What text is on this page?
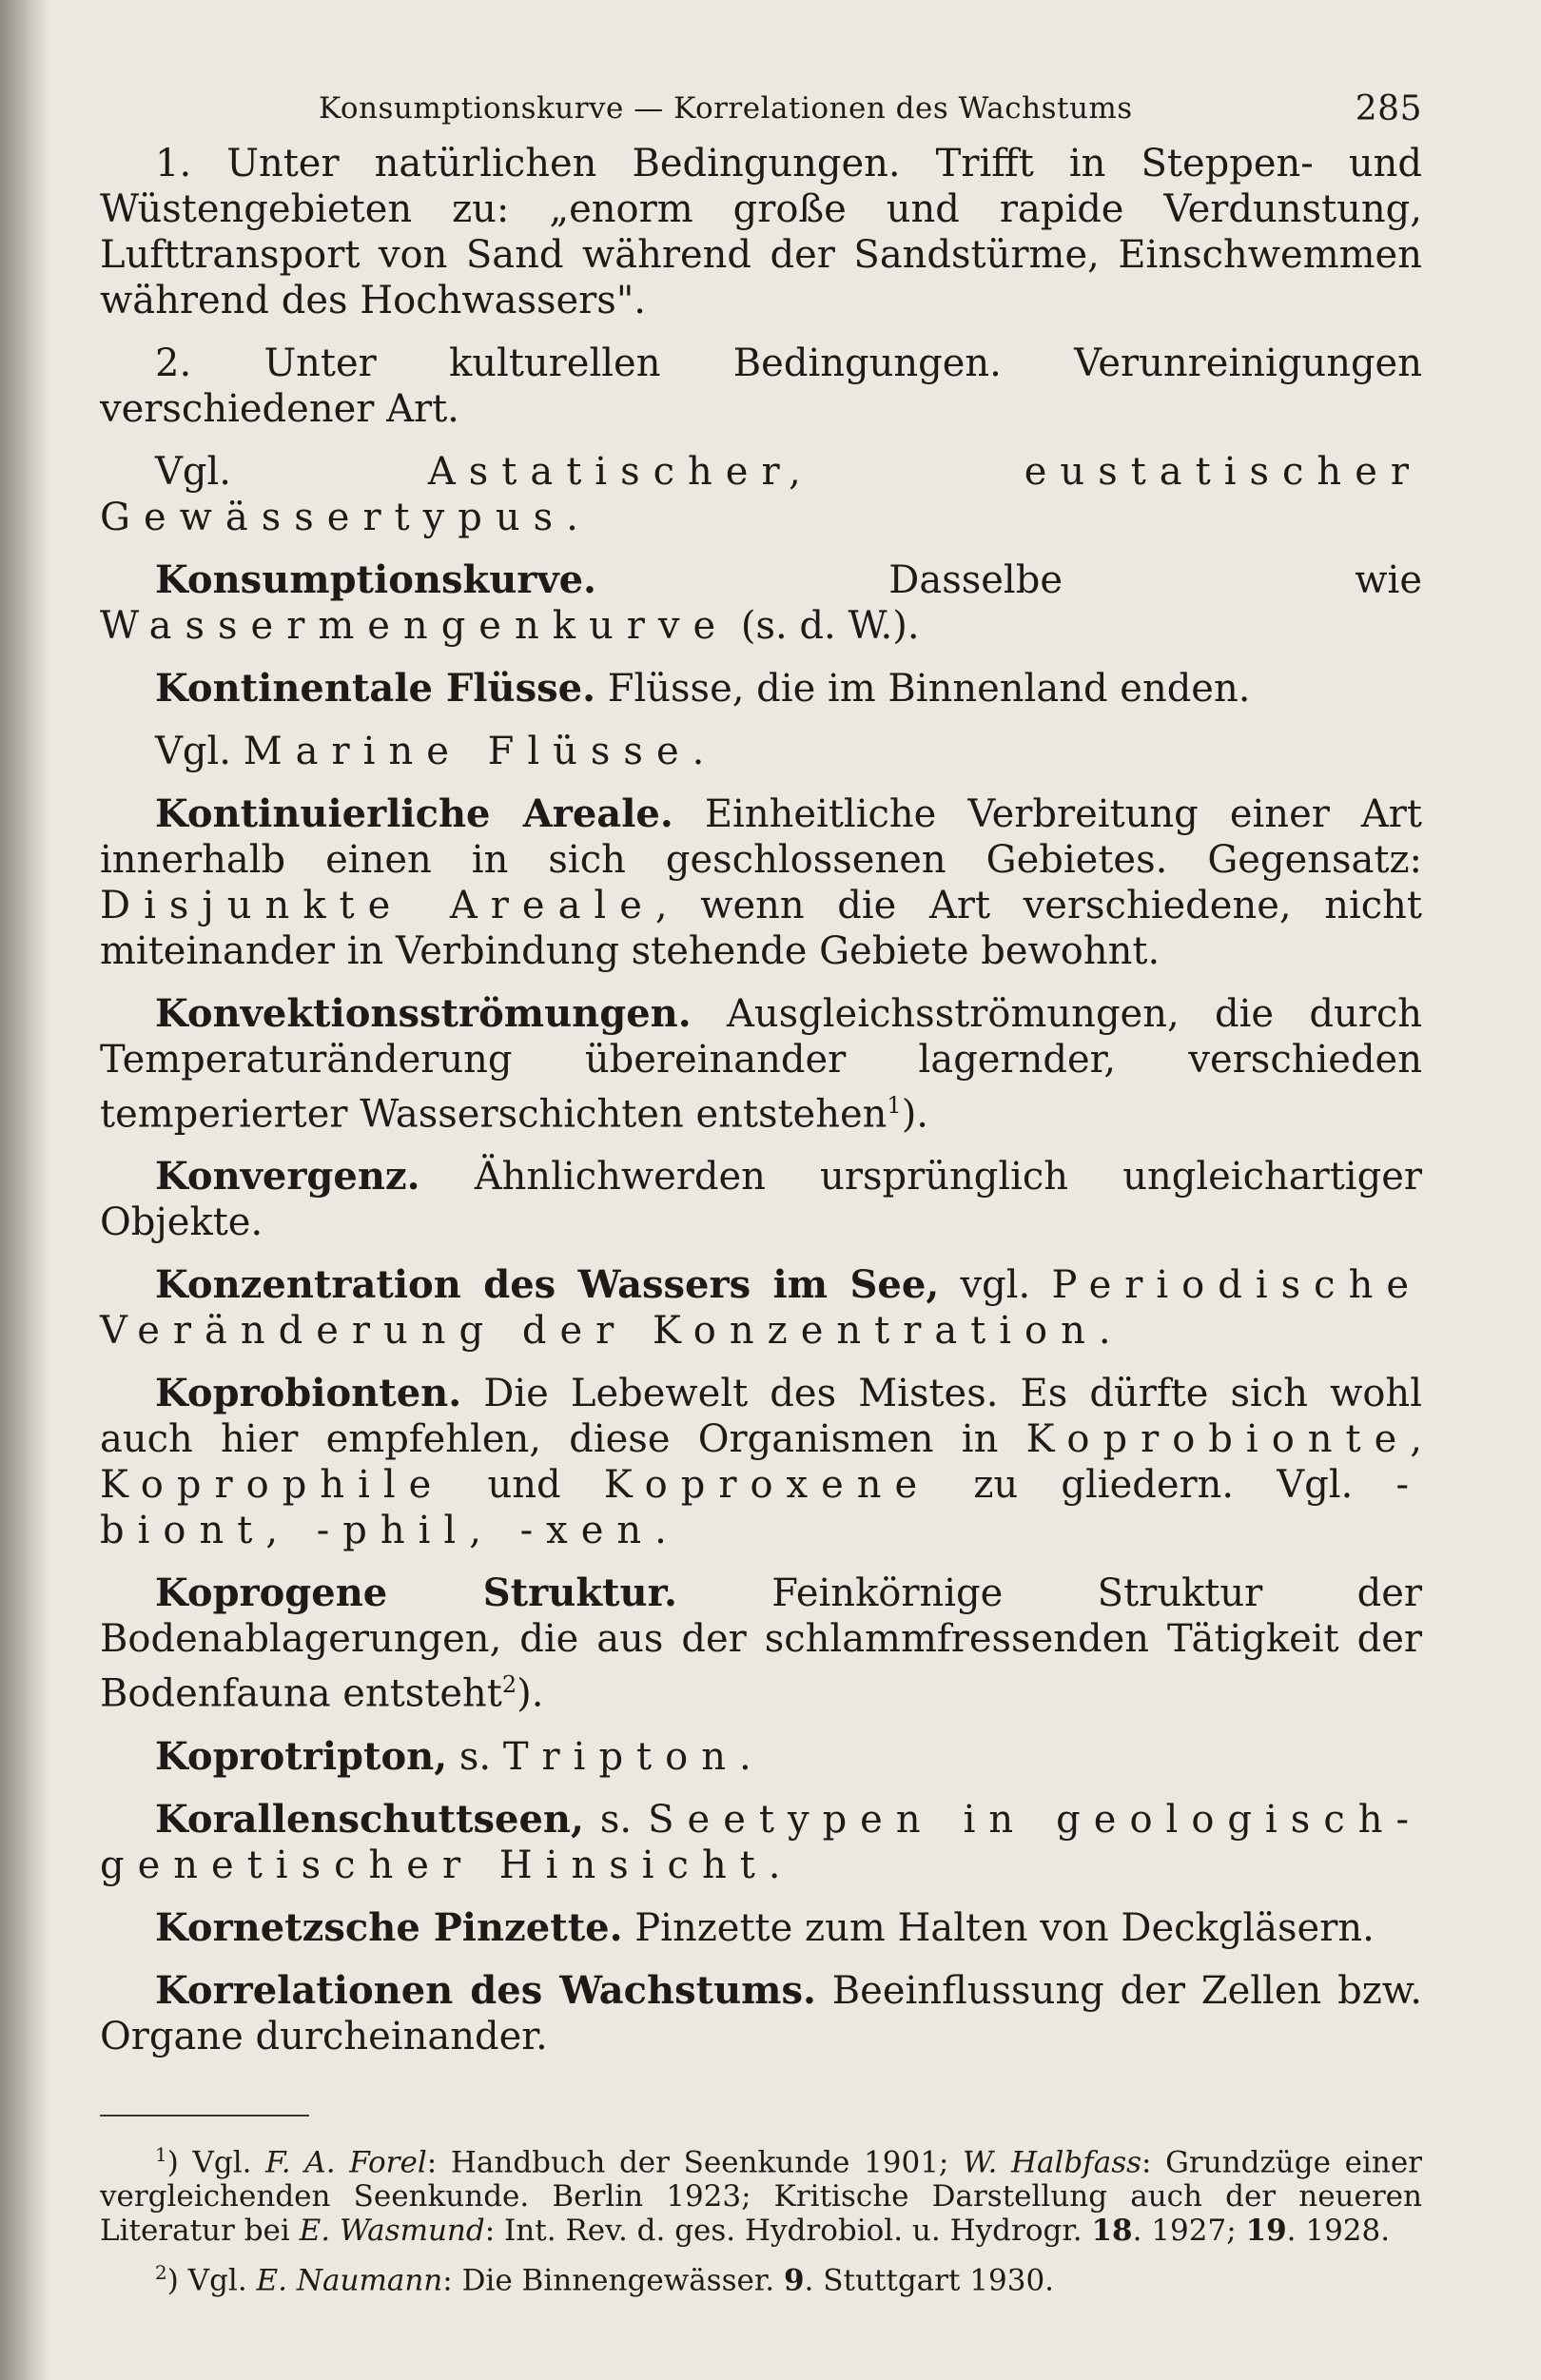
Konsumptionskurve — Korrelationen des Wachstums	285

1. Unter natürlichen Bedingungen. Trifft in Steppen- und Wüstengebieten zu: „enorm große und rapide Verdunstung, Lufttransport von Sand während der Sandstürme, Einschwemmen während des Hochwassers".

2. Unter kulturellen Bedingungen. Verunreinigungen verschiedener Art.

Vgl. Astatischer, eustatischer Gewässertypus.

Konsumptionskurve. Dasselbe wie Wassermengenkurve (s. d. W.).

Kontinentale Flüsse. Flüsse, die im Binnenland enden.

Vgl. Marine Flüsse.

Kontinuierliche Areale. Einheitliche Verbreitung einer Art innerhalb einen in sich geschlossenen Gebietes. Gegensatz: Disjunkte Areale, wenn die Art verschiedene, nicht miteinander in Verbindung stehende Gebiete bewohnt.

Konvektionsströmungen. Ausgleichsströmungen, die durch Temperaturänderung übereinander lagernder, verschieden temperierter Wasserschichten entstehen$^1$).

Konvergenz. Ähnlichwerden ursprünglich ungleichartiger Objekte.

Konzentration des Wassers im See, vgl. Periodische Veränderung der Konzentration.

Koprobionten. Die Lebewelt des Mistes. Es dürfte sich wohl auch hier empfehlen, diese Organismen in Koprobionte, Koprophile und Koproxene zu gliedern. Vgl. -biont, -phil, -xen.

Koprogene Struktur. Feinkörnige Struktur der Bodenablagerungen, die aus der schlammfressenden Tätigkeit der Bodenfauna entsteht$^2$).

Koprotripton, s. Tripton.

Korallenschuttseen, s. Seetypen in geologisch-genetischer Hinsicht.

Kornetzsche Pinzette. Pinzette zum Halten von Deckgläsern.

Korrelationen des Wachstums. Beeinflussung der Zellen bzw. Organe durcheinander.

$^1$) Vgl. F. A. Forel: Handbuch der Seenkunde 1901; W. Halbfass: Grundzüge einer vergleichenden Seenkunde. Berlin 1923; Kritische Darstellung auch der neueren Literatur bei E. Wasmund: Int. Rev. d. ges. Hydrobiol. u. Hydrogr. 18. 1927; 19. 1928.

$^2$) Vgl. E. Naumann: Die Binnengewässer. 9. Stuttgart 1930.
